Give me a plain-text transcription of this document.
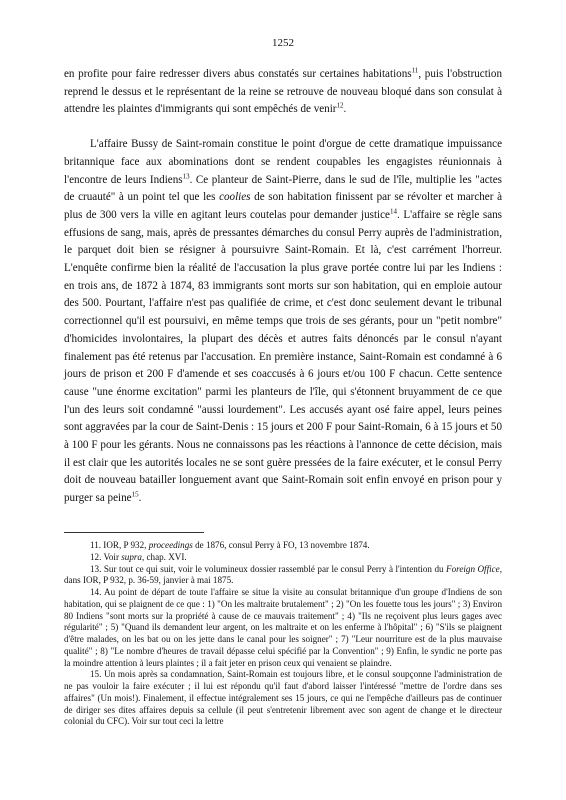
1252

en profite pour faire redresser divers abus constatés sur certaines habitations$^{11}$, puis l'obstruction reprend le dessus et le représentant de la reine se retrouve de nouveau bloqué dans son consulat à attendre les plaintes d'immigrants qui sont empêchés de venir$^{12}$.

L'affaire Bussy de Saint-romain constitue le point d'orgue de cette dramatique impuissance britannique face aux abominations dont se rendent coupables les engagistes réunionnais à l'encontre de leurs Indiens$^{13}$. Ce planteur de Saint-Pierre, dans le sud de l'île, multiplie les "actes de cruauté" à un point tel que les coolies de son habitation finissent par se révolter et marcher à plus de 300 vers la ville en agitant leurs coutelas pour demander justice$^{14}$. L'affaire se règle sans effusions de sang, mais, après de pressantes démarches du consul Perry auprès de l'administration, le parquet doit bien se résigner à poursuivre Saint-Romain. Et là, c'est carrément l'horreur. L'enquête confirme bien la réalité de l'accusation la plus grave portée contre lui par les Indiens : en trois ans, de 1872 à 1874, 83 immigrants sont morts sur son habitation, qui en emploie autour des 500. Pourtant, l'affaire n'est pas qualifiée de crime, et c'est donc seulement devant le tribunal correctionnel qu'il est poursuivi, en même temps que trois de ses gérants, pour un "petit nombre" d'homicides involontaires, la plupart des décès et autres faits dénoncés par le consul n'ayant finalement pas été retenus par l'accusation. En première instance, Saint-Romain est condamné à 6 jours de prison et 200 F d'amende et ses coaccusés à 6 jours et/ou 100 F chacun. Cette sentence cause "une énorme excitation" parmi les planteurs de l'île, qui s'étonnent bruyamment de ce que l'un des leurs soit condamné "aussi lourdement". Les accusés ayant osé faire appel, leurs peines sont aggravées par la cour de Saint-Denis : 15 jours et 200 F pour Saint-Romain, 6 à 15 jours et 50 à 100 F pour les gérants. Nous ne connaissons pas les réactions à l'annonce de cette décision, mais il est clair que les autorités locales ne se sont guère pressées de la faire exécuter, et le consul Perry doit de nouveau batailler longuement avant que Saint-Romain soit enfin envoyé en prison pour y purger sa peine$^{15}$.

11. IOR, P 932, proceedings de 1876, consul Perry à FO, 13 novembre 1874.

12. Voir supra, chap. XVI.

13. Sur tout ce qui suit, voir le volumineux dossier rassemblé par le consul Perry à l'intention du Foreign Office, dans IOR, P 932, p. 36-59, janvier à mai 1875.

14. Au point de départ de toute l'affaire se situe la visite au consulat britannique d'un groupe d'Indiens de son habitation, qui se plaignent de ce que : 1) "On les maltraite brutalement" ; 2) "On les fouette tous les jours" ; 3) Environ 80 Indiens "sont morts sur la propriété à cause de ce mauvais traitement" ; 4) "Ils ne reçoivent plus leurs gages avec régularité" ; 5) "Quand ils demandent leur argent, on les maltraite et on les enferme à l'hôpital" ; 6) "S'ils se plaignent d'être malades, on les bat ou on les jette dans le canal pour les soigner" ; 7) "Leur nourriture est de la plus mauvaise qualité" ; 8) "Le nombre d'heures de travail dépasse celui spécifié par la Convention" ; 9) Enfin, le syndic ne porte pas la moindre attention à leurs plaintes ; il a fait jeter en prison ceux qui venaient se plaindre.

15. Un mois après sa condamnation, Saint-Romain est toujours libre, et le consul soupçonne l'administration de ne pas vouloir la faire exécuter ; il lui est répondu qu'il faut d'abord laisser l'intéressé "mettre de l'ordre dans ses affaires" (Un mois!). Finalement, il effectue intégralement ses 15 jours, ce qui ne l'empêche d'ailleurs pas de continuer de diriger ses dites affaires depuis sa cellule (il peut s'entretenir librement avec son agent de change et le directeur colonial du CFC). Voir sur tout ceci la lettre
